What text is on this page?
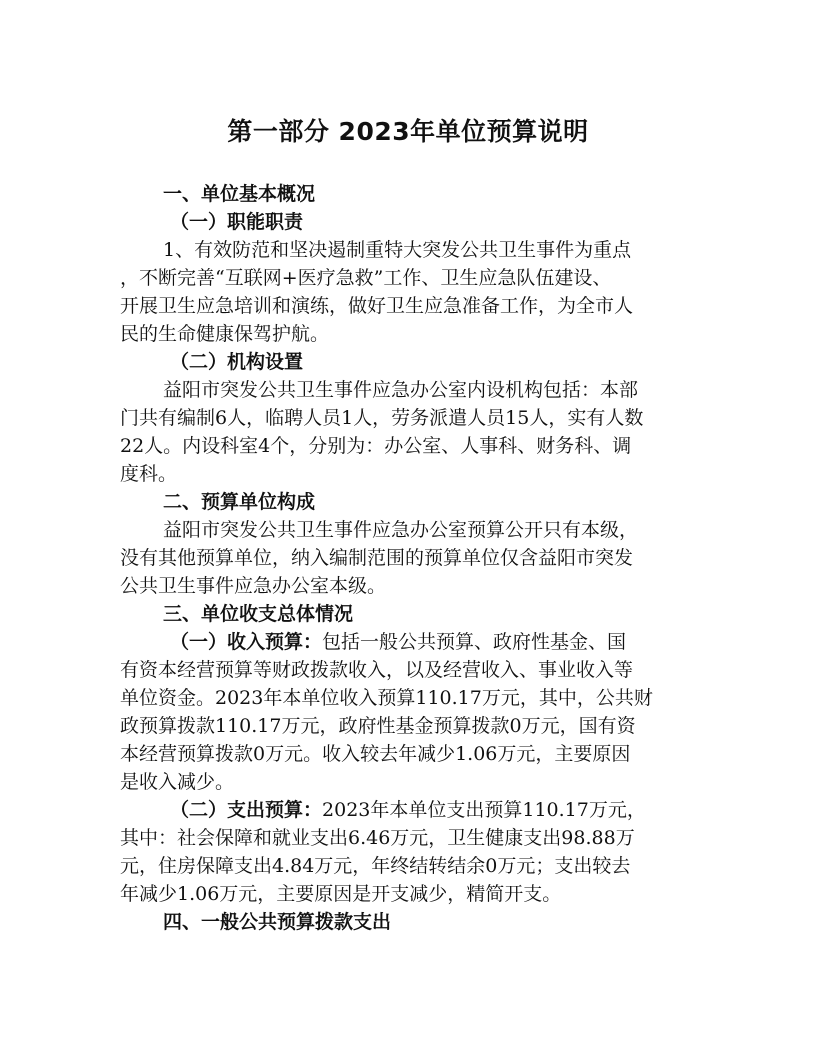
第一部分 2023年单位预算说明
一、单位基本概况
（一）职能职责
1、有效防范和坚决遏制重特大突发公共卫生事件为重点
，不断完善“互联网+医疗急救”工作、卫生应急队伍建设、
开展卫生应急培训和演练，做好卫生应急准备工作，为全市人
民的生命健康保驾护航。
（二）机构设置
益阳市突发公共卫生事件应急办公室内设机构包括：本部
门共有编制6人，临聘人员1人，劳务派遣人员15人，实有人数
22人。内设科室4个，分别为：办公室、人事科、财务科、调
度科。
二、预算单位构成
益阳市突发公共卫生事件应急办公室预算公开只有本级，
没有其他预算单位，纳入编制范围的预算单位仅含益阳市突发
公共卫生事件应急办公室本级。
三、单位收支总体情况
（一）收入预算：包括一般公共预算、政府性基金、国
有资本经营预算等财政拨款收入，以及经营收入、事业收入等
单位资金。2023年本单位收入预算110.17万元，其中，公共财
政预算拨款110.17万元，政府性基金预算拨款0万元，国有资
本经营预算拨款0万元。收入较去年减少1.06万元，主要原因
是收入减少。
（二）支出预算：2023年本单位支出预算110.17万元，
其中：社会保障和就业支出6.46万元，卫生健康支出98.88万
元，住房保障支出4.84万元，年终结转结余0万元；支出较去
年减少1.06万元，主要原因是开支减少，精简开支。
四、一般公共预算拨款支出
